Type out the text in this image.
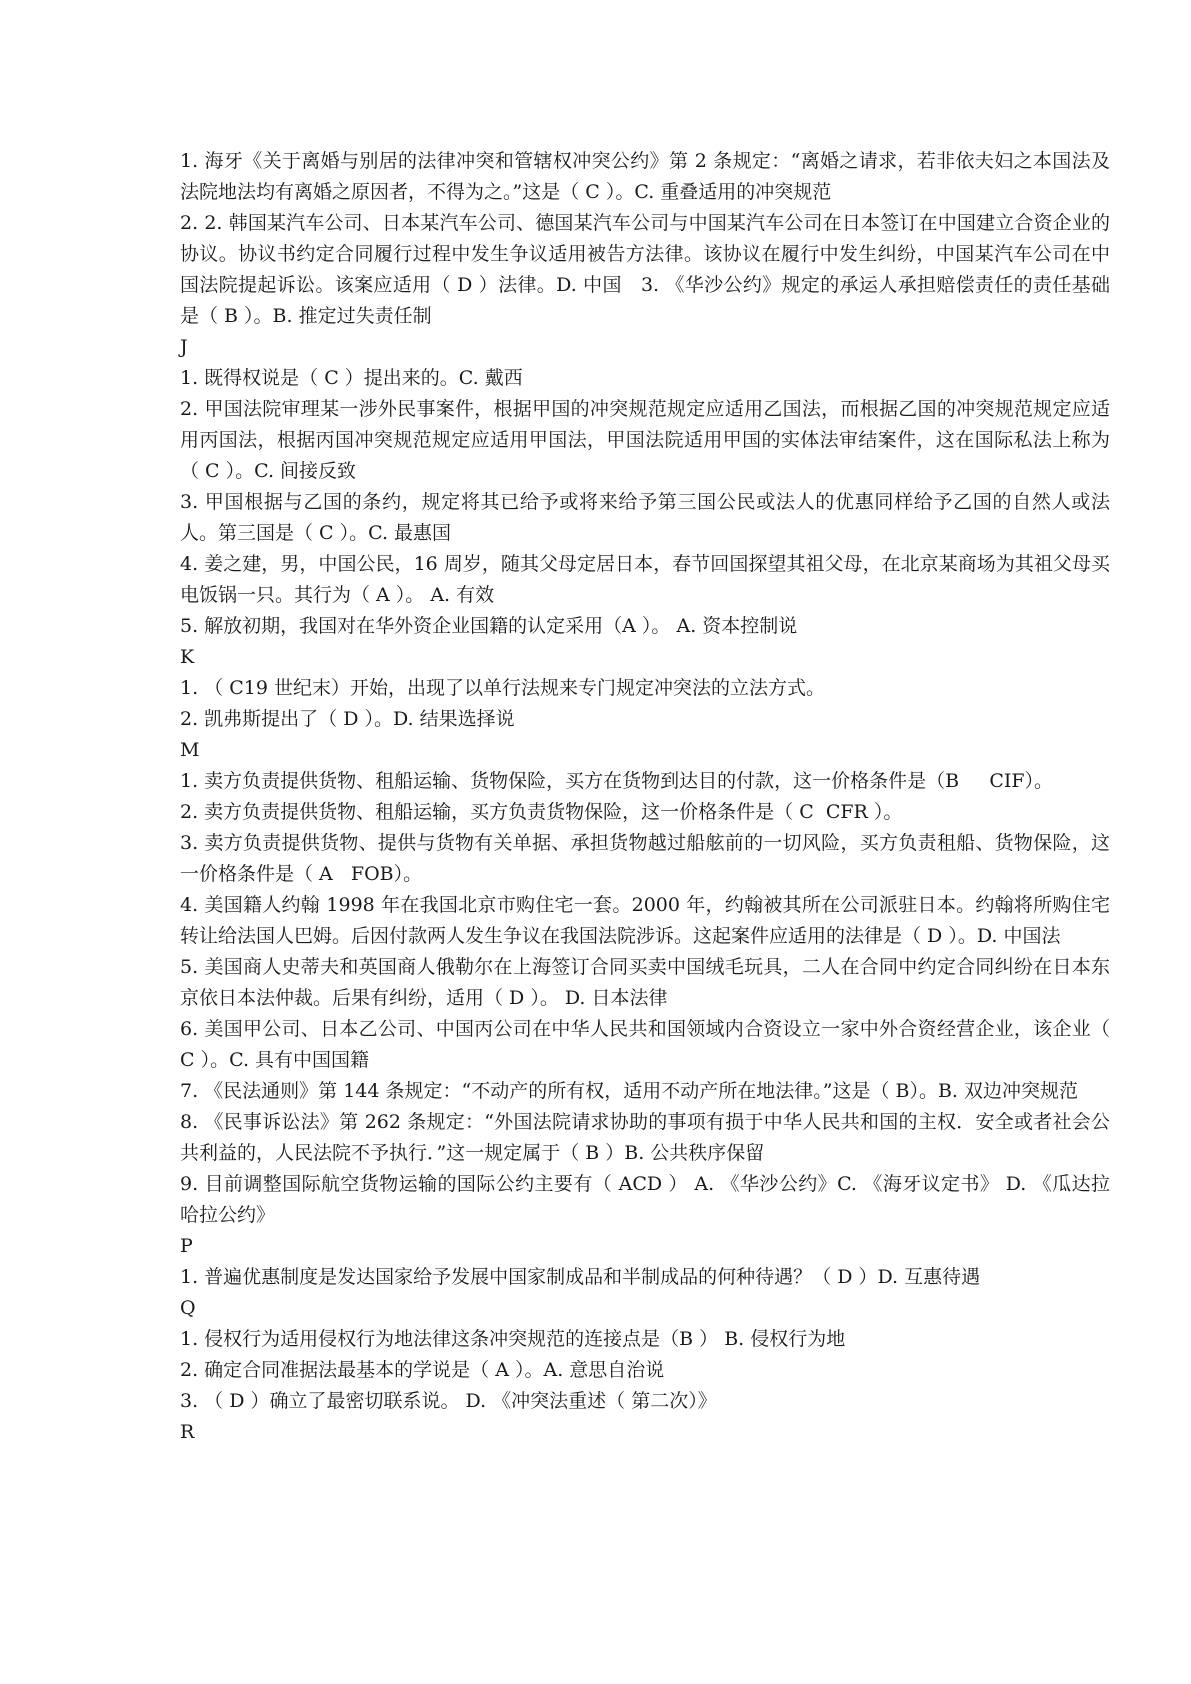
1. 海牙《关于离婚与别居的法律冲突和管辖权冲突公约》第 2 条规定：“离婚之请求，若非依夫妇之本国法及法院地法均有离婚之原因者，不得为之。”这是（ C ）。C. 重叠适用的冲突规范

2. 2. 韩国某汽车公司、日本某汽车公司、德国某汽车公司与中国某汽车公司在日本签订在中国建立合资企业的协议。协议书约定合同履行过程中发生争议适用被告方法律。该协议在履行中发生纠纷，中国某汽车公司在中国法院提起诉讼。该案应适用（ D ）法律。D. 中国   3. 《华沙公约》规定的承运人承担赔偿责任的责任基础是（ B ）。B. 推定过失责任制

J

1. 既得权说是（ C ）提出来的。C. 戴西

2. 甲国法院审理某一涉外民事案件，根据甲国的冲突规范规定应适用乙国法，而根据乙国的冲突规范规定应适用丙国法，根据丙国冲突规范规定应适用甲国法，甲国法院适用甲国的实体法审结案件，这在国际私法上称为（ C ）。C. 间接反致

3. 甲国根据与乙国的条约，规定将其已给予或将来给予第三国公民或法人的优惠同样给予乙国的自然人或法人。第三国是（ C ）。C. 最惠国

4. 姜之建，男，中国公民，16 周岁，随其父母定居日本，春节回国探望其祖父母，在北京某商场为其祖父母买电饭锅一只。其行为（ A ）。 A. 有效

5. 解放初期，我国对在华外资企业国籍的认定采用（A ）。 A. 资本控制说

K

1. （ C19 世纪末）开始，出现了以单行法规来专门规定冲突法的立法方式。

2. 凯弗斯提出了（ D ）。D. 结果选择说

M

1. 卖方负责提供货物、租船运输、货物保险，买方在货物到达目的付款，这一价格条件是（B     CIF）。

2. 卖方负责提供货物、租船运输，买方负责货物保险，这一价格条件是（ C  CFR ）。

3. 卖方负责提供货物、提供与货物有关单据、承担货物越过船舷前的一切风险，买方负责租船、货物保险，这一价格条件是（ A   FOB）。

4. 美国籍人约翰 1998 年在我国北京市购住宅一套。2000 年，约翰被其所在公司派驻日本。约翰将所购住宅转让给法国人巴姆。后因付款两人发生争议在我国法院涉诉。这起案件应适用的法律是（ D ）。D. 中国法

5. 美国商人史蒂夫和英国商人俄勒尔在上海签订合同买卖中国绒毛玩具，二人在合同中约定合同纠纷在日本东京依日本法仲裁。后果有纠纷，适用（ D ）。 D. 日本法律

6. 美国甲公司、日本乙公司、中国丙公司在中华人民共和国领域内合资设立一家中外合资经营企业，该企业（ C ）。C. 具有中国国籍

7. 《民法通则》第 144 条规定：“不动产的所有权，适用不动产所在地法律。”这是（ B）。B. 双边冲突规范

8. 《民事诉讼法》第 262 条规定：“外国法院请求协助的事项有损于中华人民共和国的主权．安全或者社会公共利益的，人民法院不予执行．”这一规定属于（ B ）B. 公共秩序保留

9. 目前调整国际航空货物运输的国际公约主要有（ ACD ） A. 《华沙公约》C. 《海牙议定书》 D. 《瓜达拉哈拉公约》

P

1. 普遍优惠制度是发达国家给予发展中国家制成品和半制成品的何种待遇？（ D ）D. 互惠待遇

Q

1. 侵权行为适用侵权行为地法律这条冲突规范的连接点是（B ） B. 侵权行为地

2. 确定合同准据法最基本的学说是（ A ）。A. 意思自治说

3. （ D ）确立了最密切联系说。 D. 《冲突法重述（ 第二次）》

R
